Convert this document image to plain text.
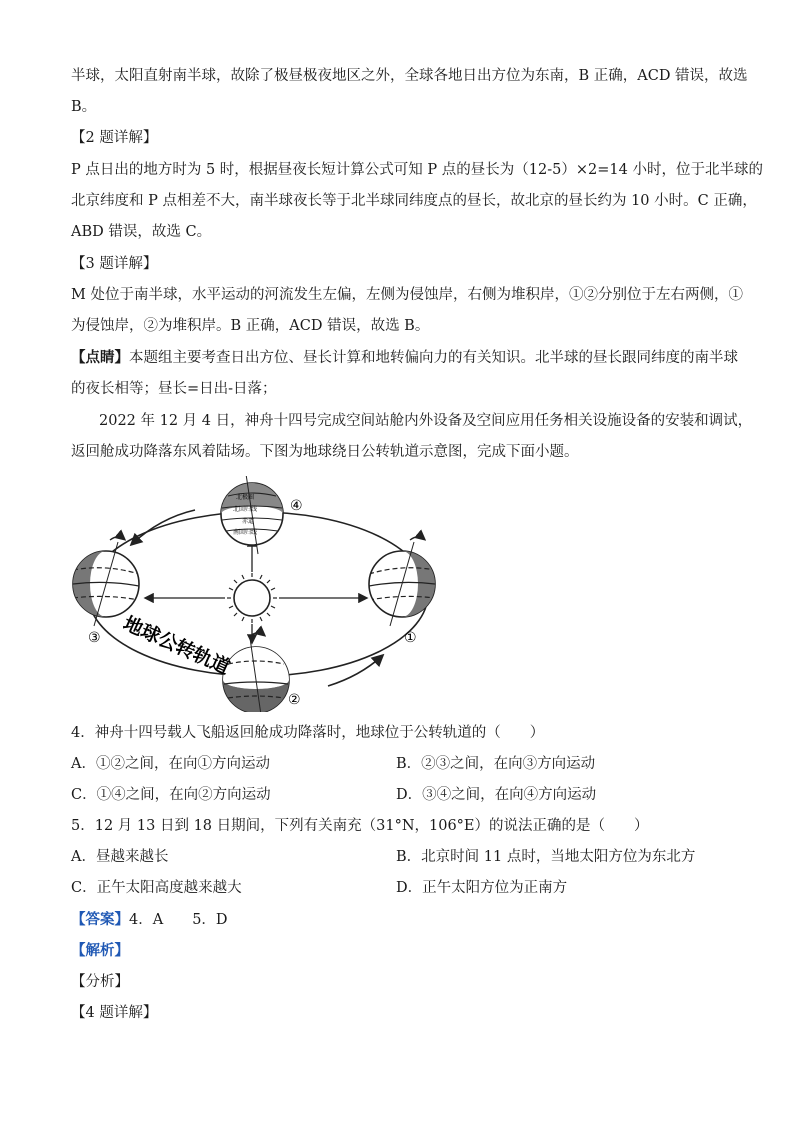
半球，太阳直射南半球，故除了极昼极夜地区之外，全球各地日出方位为东南，B 正确，ACD 错误，故选
B。
【2 题详解】
P 点日出的地方时为 5 时，根据昼夜长短计算公式可知 P 点的昼长为（12-5）×2=14 小时，位于北半球的
北京纬度和 P 点相差不大，南半球夜长等于北半球同纬度点的昼长，故北京的昼长约为 10 小时。C 正确，
ABD 错误，故选 C。
【3 题详解】
M 处位于南半球，水平运动的河流发生左偏，左侧为侵蚀岸，右侧为堆积岸，①②分别位于左右两侧，①
为侵蚀岸，②为堆积岸。B 正确，ACD 错误，故选 B。
【点睛】本题组主要考查日出方位、昼长计算和地转偏向力的有关知识。北半球的昼长跟同纬度的南半球
的夜长相等；昼长=日出-日落；
2022 年 12 月 4 日，神舟十四号完成空间站舱内外设备及空间应用任务相关设施设备的安装和调试，
返回舱成功降落东风着陆场。下图为地球绕日公转轨道示意图，完成下面小题。
③	①
北极圈
北回归线
赤道
南回归线
④
②
地球公转轨道
4．神舟十四号载人飞船返回舱成功降落时，地球位于公转轨道的（　　）
A．①②之间，在向①方向运动	B．②③之间，在向③方向运动
C．①④之间，在向②方向运动	D．③④之间，在向④方向运动
5．12 月 13 日到 18 日期间，下列有关南充（31°N，106°E）的说法正确的是（　　）
A．昼越来越长	B．北京时间 11 点时，当地太阳方位为东北方
C．正午太阳高度越来越大	D．正午太阳方位为正南方
【答案】4．A　　5．D
【解析】
【分析】
【4 题详解】
